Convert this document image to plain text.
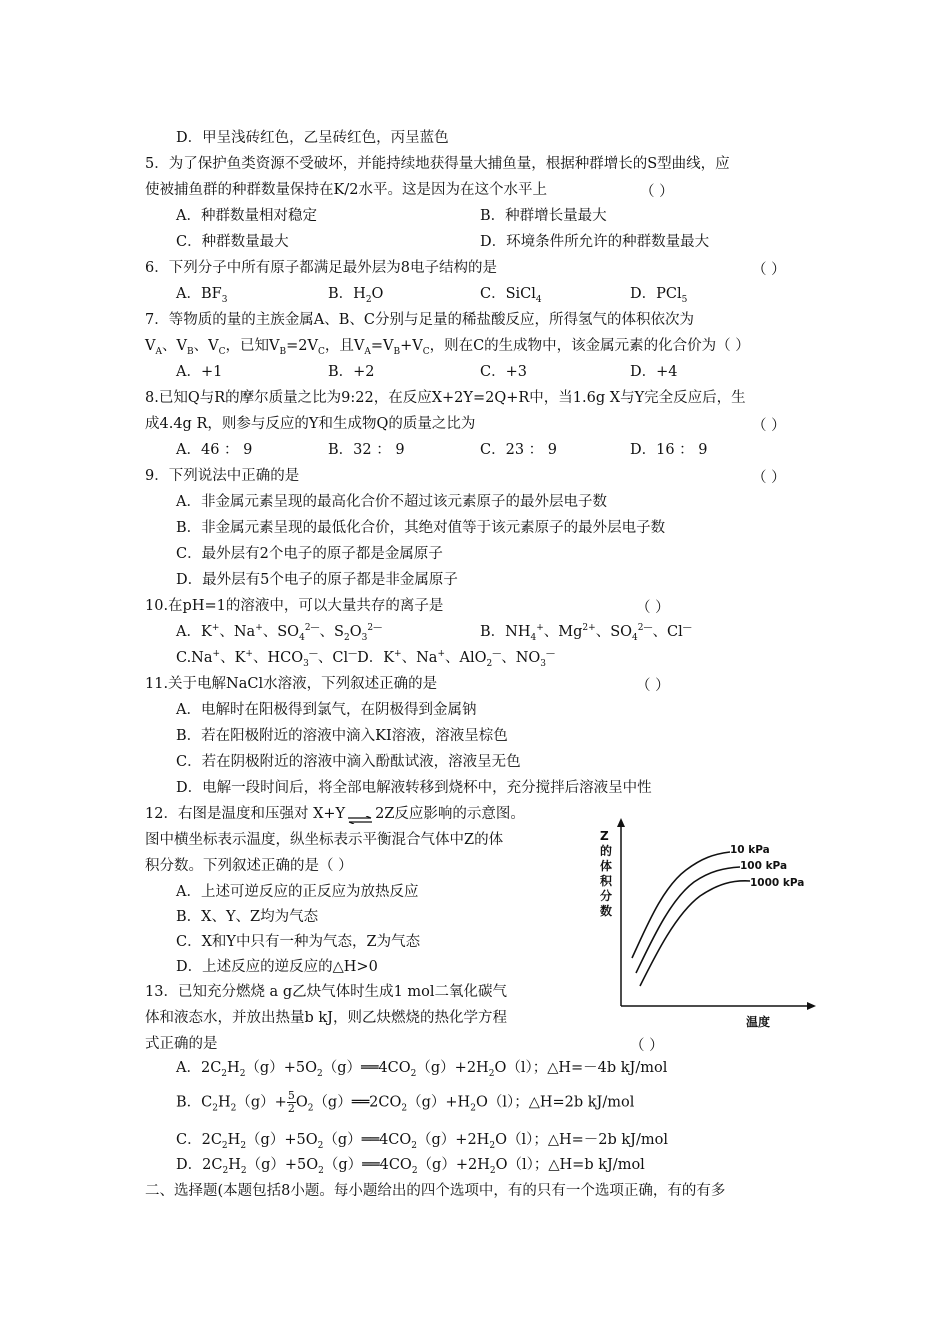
D．甲呈浅砖红色，乙呈砖红色，丙呈蓝色
5．为了保护鱼类资源不受破坏，并能持续地获得量大捕鱼量，根据种群增长的S型曲线，应
使被捕鱼群的种群数量保持在K/2水平。这是因为在这个水平上	（ ）
A．种群数量相对稳定	B．种群增长量最大
C．种群数量最大	D．环境条件所允许的种群数量最大
6．下列分子中所有原子都满足最外层为8电子结构的是	（ ）
A．$BF_3$	B．$H_2O$	C．SiCl$_4$	D．PCl$_5$
7．等物质的量的主族金属A、B、C分别与足量的稀盐酸反应，所得氢气的体积依次为
$V_A$、$V_B$、$V_C$，已知$V_B=2V_C$，且$V_A=V_B+V_C$，则在C的生成物中，该金属元素的化合价为（ ）
A．+1	B．+2	C．+3	D．+4
8.已知Q与R的摩尔质量之比为9:22，在反应X+2Y=2Q+R中，当1.6g X与Y完全反应后，生
成4.4g R，则参与反应的Y和生成物Q的质量之比为	（ ）
A．46 ： 9	B．32 ： 9	C．23 ： 9	D．16 ： 9
9．下列说法中正确的是	（ ）
A．非金属元素呈现的最高化合价不超过该元素原子的最外层电子数
B．非金属元素呈现的最低化合价，其绝对值等于该元素原子的最外层电子数
C．最外层有2个电子的原子都是金属原子
D．最外层有5个电子的原子都是非金属原子
10.在pH=1的溶液中，可以大量共存的离子是	（ ）
A．K+、Na+、$SO_4^{2—}$、$S_2O_3^{2—}$	B．$NH_4^+$、$Mg^{2+}$、$SO_4^{2—}$、Cl—
C.Na+、K+、$HCO_3^—$、Cl—D．K+、Na+、AlO$_2$—、$NO_3^—$
11.关于电解NaCl水溶液，下列叙述正确的是	（ ）
A．电解时在阳极得到氯气，在阴极得到金属钠
B．若在阳极附近的溶液中滴入KI溶液，溶液呈棕色
C．若在阴极附近的溶液中滴入酚酞试液，溶液呈无色
D．电解一段时间后，将全部电解液转移到烧杯中，充分搅拌后溶液呈中性
12．右图是温度和压强对 X+Y ⇌ 2Z反应影响的示意图。
图中横坐标表示温度，纵坐标表示平衡混合气体中Z的体
积分数。下列叙述正确的是（ ）
A．上述可逆反应的正反应为放热反应
B．X、Y、Z均为气态
C．X和Y中只有一种为气态，Z为气态
D．上述反应的逆反应的△H>0
13．已知充分燃烧 a g乙炔气体时生成1 mol二氧化碳气
体和液态水，并放出热量b kJ，则乙炔燃烧的热化学方程
式正确的是	（ ）
A．$2C_2H_2(g)+5O_2(g)══4CO_2(g)+2H_2O(l)$；△H=－4b kJ/mol
B．$C_2H_2(g)+ \frac{5}{2}$ $O_2(g)══2CO_2(g)+H_2O(l)$；△H=2b kJ/mol
C．$2C_2H_2(g)+5O_2(g)══4CO_2(g)+2H_2O(l)$；△H=－2b kJ/mol
D．$2C_2H_2(g)+5O_2(g)══4CO_2(g)+2H_2O(l)$；△H=b kJ/mol
二、选择题(本题包括8小题。每小题给出的四个选项中，有的只有一个选项正确，有的有多
Z
的
体
积
分
数
温度
10 kPa
100 kPa
1000 kPa
